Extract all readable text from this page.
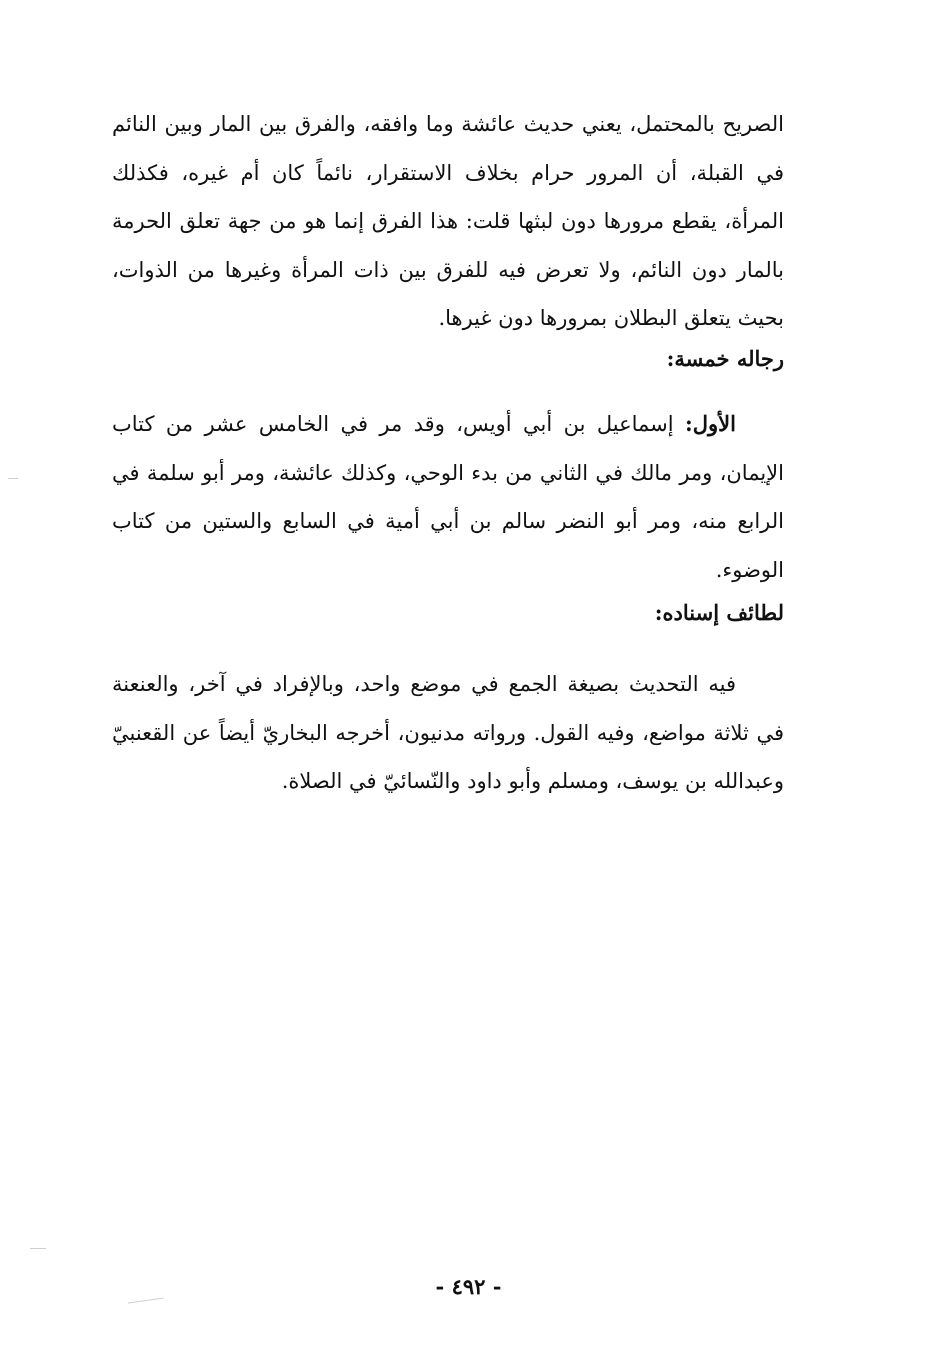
الصريح بالمحتمل، يعني حديث عائشة وما وافقه، والفرق بين المار وبين النائم في القبلة، أن المرور حرام بخلاف الاستقرار، نائماً كان أم غيره، فكذلك المرأة، يقطع مرورها دون لبثها قلت: هذا الفرق إنما هو من جهة تعلق الحرمة بالمار دون النائم، ولا تعرض فيه للفرق بين ذات المرأة وغيرها من الذوات، بحيث يتعلق البطلان بمرورها دون غيرها.

رجاله خمسة:

الأول: إسماعيل بن أبي أويس، وقد مر في الخامس عشر من كتاب الإيمان، ومر مالك في الثاني من بدء الوحي، وكذلك عائشة، ومر أبو سلمة في الرابع منه، ومر أبو النضر سالم بن أبي أمية في السابع والستين من كتاب الوضوء.

لطائف إسناده:

فيه التحديث بصيغة الجمع في موضع واحد، وبالإفراد في آخر، والعنعنة في ثلاثة مواضع، وفيه القول. ورواته مدنيون، أخرجه البخاريّ أيضاً عن القعنبيّ وعبدالله بن يوسف، ومسلم وأبو داود والنّسائيّ في الصلاة.

- ٤٩٢ -
